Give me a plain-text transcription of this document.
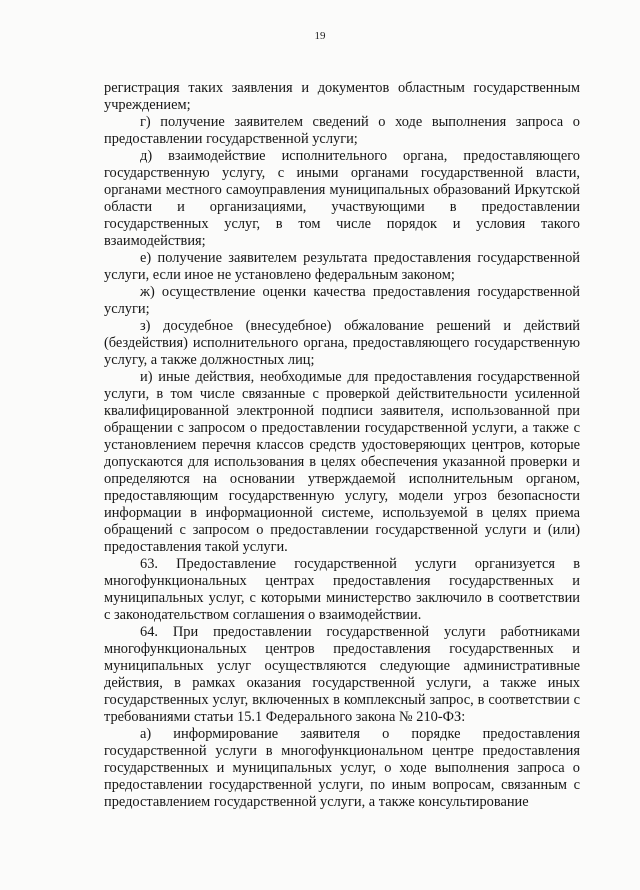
19

регистрация таких заявления и документов областным государственным учреждением;

г) получение заявителем сведений о ходе выполнения запроса о предоставлении государственной услуги;

д) взаимодействие исполнительного органа, предоставляющего государственную услугу, с иными органами государственной власти, органами местного самоуправления муниципальных образований Иркутской области и организациями, участвующими в предоставлении государственных услуг, в том числе порядок и условия такого взаимодействия;

е) получение заявителем результата предоставления государственной услуги, если иное не установлено федеральным законом;

ж) осуществление оценки качества предоставления государственной услуги;

з) досудебное (внесудебное) обжалование решений и действий (бездействия) исполнительного органа, предоставляющего государственную услугу, а также должностных лиц;

и) иные действия, необходимые для предоставления государственной услуги, в том числе связанные с проверкой действительности усиленной квалифицированной электронной подписи заявителя, использованной при обращении с запросом о предоставлении государственной услуги, а также с установлением перечня классов средств удостоверяющих центров, которые допускаются для использования в целях обеспечения указанной проверки и определяются на основании утверждаемой исполнительным органом, предоставляющим государственную услугу, модели угроз безопасности информации в информационной системе, используемой в целях приема обращений с запросом о предоставлении государственной услуги и (или) предоставления такой услуги.

63. Предоставление государственной услуги организуется в многофункциональных центрах предоставления государственных и муниципальных услуг, с которыми министерство заключило в соответствии с законодательством соглашения о взаимодействии.

64. При предоставлении государственной услуги работниками многофункциональных центров предоставления государственных и муниципальных услуг осуществляются следующие административные действия, в рамках оказания государственной услуги, а также иных государственных услуг, включенных в комплексный запрос, в соответствии с требованиями статьи 15.1 Федерального закона № 210-ФЗ:

а) информирование заявителя о порядке предоставления государственной услуги в многофункциональном центре предоставления государственных и муниципальных услуг, о ходе выполнения запроса о предоставлении государственной услуги, по иным вопросам, связанным с предоставлением государственной услуги, а также консультирование
